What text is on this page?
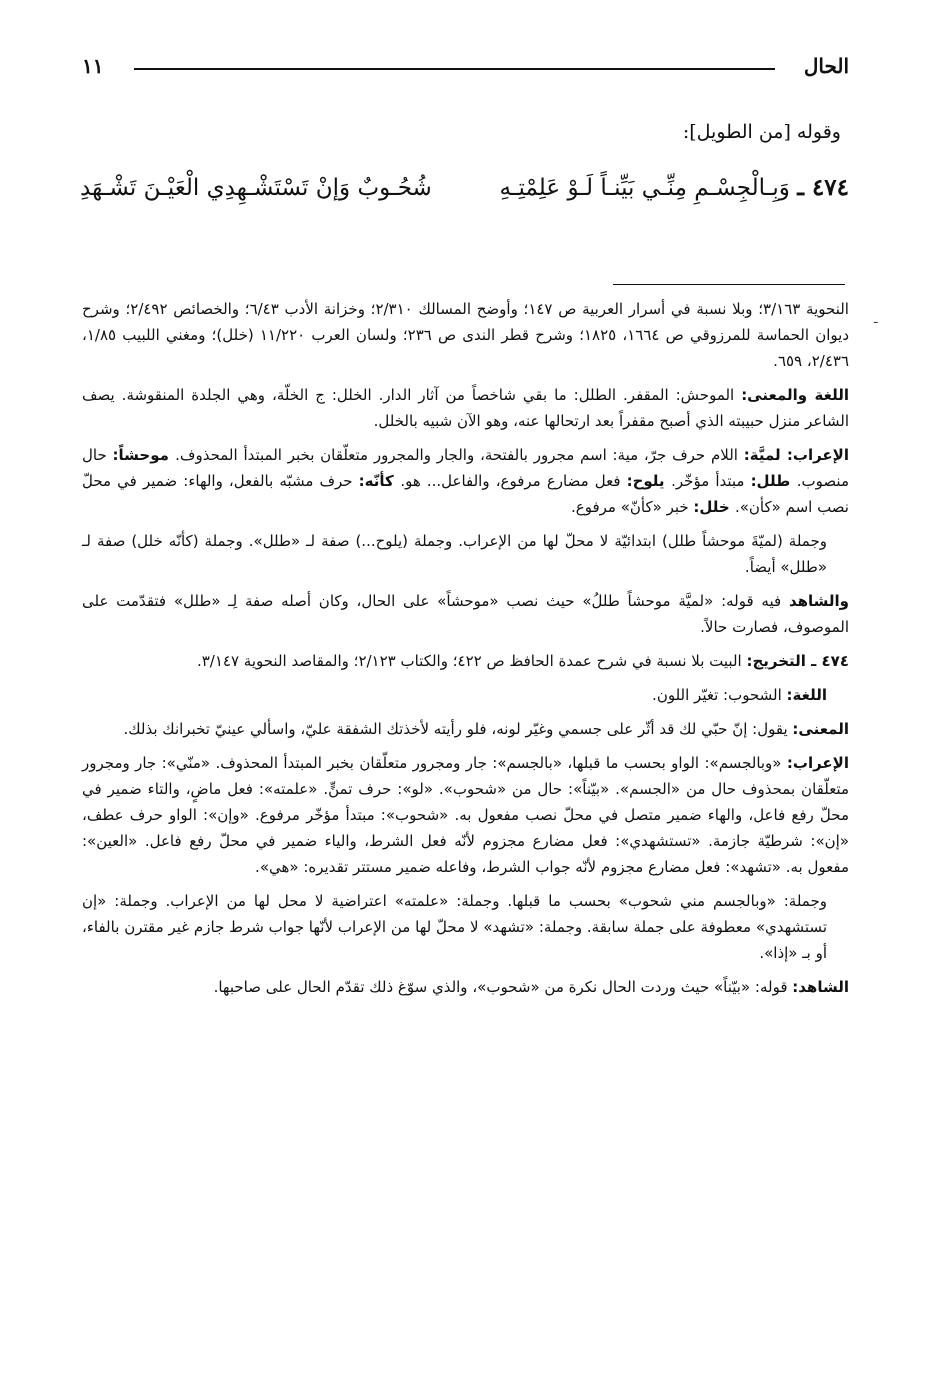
الحال
١١
وقوله [من الطويل]:
٤٧٤ ـ وَبِـالْجِسْـمِ مِنِّـي بَيِّنـاً لَـوْ عَلِمْتِـهِ
شُحُـوبٌ وَإنْ تَسْتَشْـهِدِي الْعَيْـنَ تَشْـهَدِ
ـ

النحوية ٣/١٦٣؛ وبلا نسبة في أسرار العربية ص ١٤٧؛ وأوضح المسالك ٢/٣١٠؛ وخزانة الأدب ٦/٤٣؛ والخصائص ٢/٤٩٢؛ وشرح ديوان الحماسة للمرزوقي ص ١٦٦٤، ١٨٢٥؛ وشرح قطر الندى ص ٢٣٦؛ ولسان العرب ١١/٢٢٠ (خلل)؛ ومغني اللبيب ١/٨٥، ٢/٤٣٦، ٦٥٩.

اللغة والمعنى: الموحش: المقفر. الطلل: ما بقي شاخصاً من آثار الدار. الخلل: ج الخلّة، وهي الجلدة المنقوشة. يصف الشاعر منزل حبيبته الذي أصبح مقفراً بعد ارتحالها عنه، وهو الآن شبيه بالخلل.

الإعراب: لميَّة: اللام حرف جرّ، مية: اسم مجرور بالفتحة، والجار والمجرور متعلّقان بخبر المبتدأ المحذوف. موحشاً: حال منصوب. طلل: مبتدأ مؤخّر. يلوح: فعل مضارع مرفوع، والفاعل... هو. كأنّه: حرف مشبّه بالفعل، والهاء: ضمير في محلّ نصب اسم «كأن». خلل: خبر «كأنّ» مرفوع.

وجملة (لميّةَ موحشاً طلل) ابتدائيّة لا محلّ لها من الإعراب. وجملة (يلوح...) صفة لـ «طلل». وجملة (كأنّه خلل) صفة لـ «طلل» أيضاً.

والشاهد فيه قوله: «لميَّة موحشاً طللُ» حيث نصب «موحشاً» على الحال، وكان أصله صفة لِـ «طلل» فتقدّمت على الموصوف، فصارت حالاً.

٤٧٤ ـ التخريج: البيت بلا نسبة في شرح عمدة الحافظ ص ٤٢٢؛ والكتاب ٢/١٢٣؛ والمقاصد النحوية ٣/١٤٧.

اللغة: الشحوب: تغيّر اللون.

المعنى: يقول: إنّ حبّي لك قد أثّر على جسمي وغيّر لونه، فلو رأيته لأخذتك الشفقة عليّ، واسألي عينيّ تخبرانك بذلك.

الإعراب: «وبالجسم»: الواو بحسب ما قبلها، «بالجسم»: جار ومجرور متعلّقان بخبر المبتدأ المحذوف. «منّي»: جار ومجرور متعلّقان بمحذوف حال من «الجسم». «بيّناً»: حال من «شحوب». «لو»: حرف تمنٍّ. «علمته»: فعل ماضٍ، والتاء ضمير في محلّ رفع فاعل، والهاء ضمير متصل في محلّ نصب مفعول به. «شحوب»: مبتدأ مؤخّر مرفوع. «وإن»: الواو حرف عطف، «إن»: شرطيّة جازمة. «تستشهدي»: فعل مضارع مجزوم لأنّه فعل الشرط، والياء ضمير في محلّ رفع فاعل. «العين»: مفعول به. «تشهد»: فعل مضارع مجزوم لأنّه جواب الشرط، وفاعله ضمير مستتر تقديره: «هي».

وجملة: «وبالجسم مني شحوب» بحسب ما قبلها. وجملة: «علمته» اعتراضية لا محل لها من الإعراب. وجملة: «إن تستشهدي» معطوفة على جملة سابقة. وجملة: «تشهد» لا محلّ لها من الإعراب لأنّها جواب شرط جازم غير مقترن بالفاء، أو بـ «إذا».

الشاهد: قوله: «بيّناً» حيث وردت الحال نكرة من «شحوب»، والذي سوّغ ذلك تقدّم الحال على صاحبها.
